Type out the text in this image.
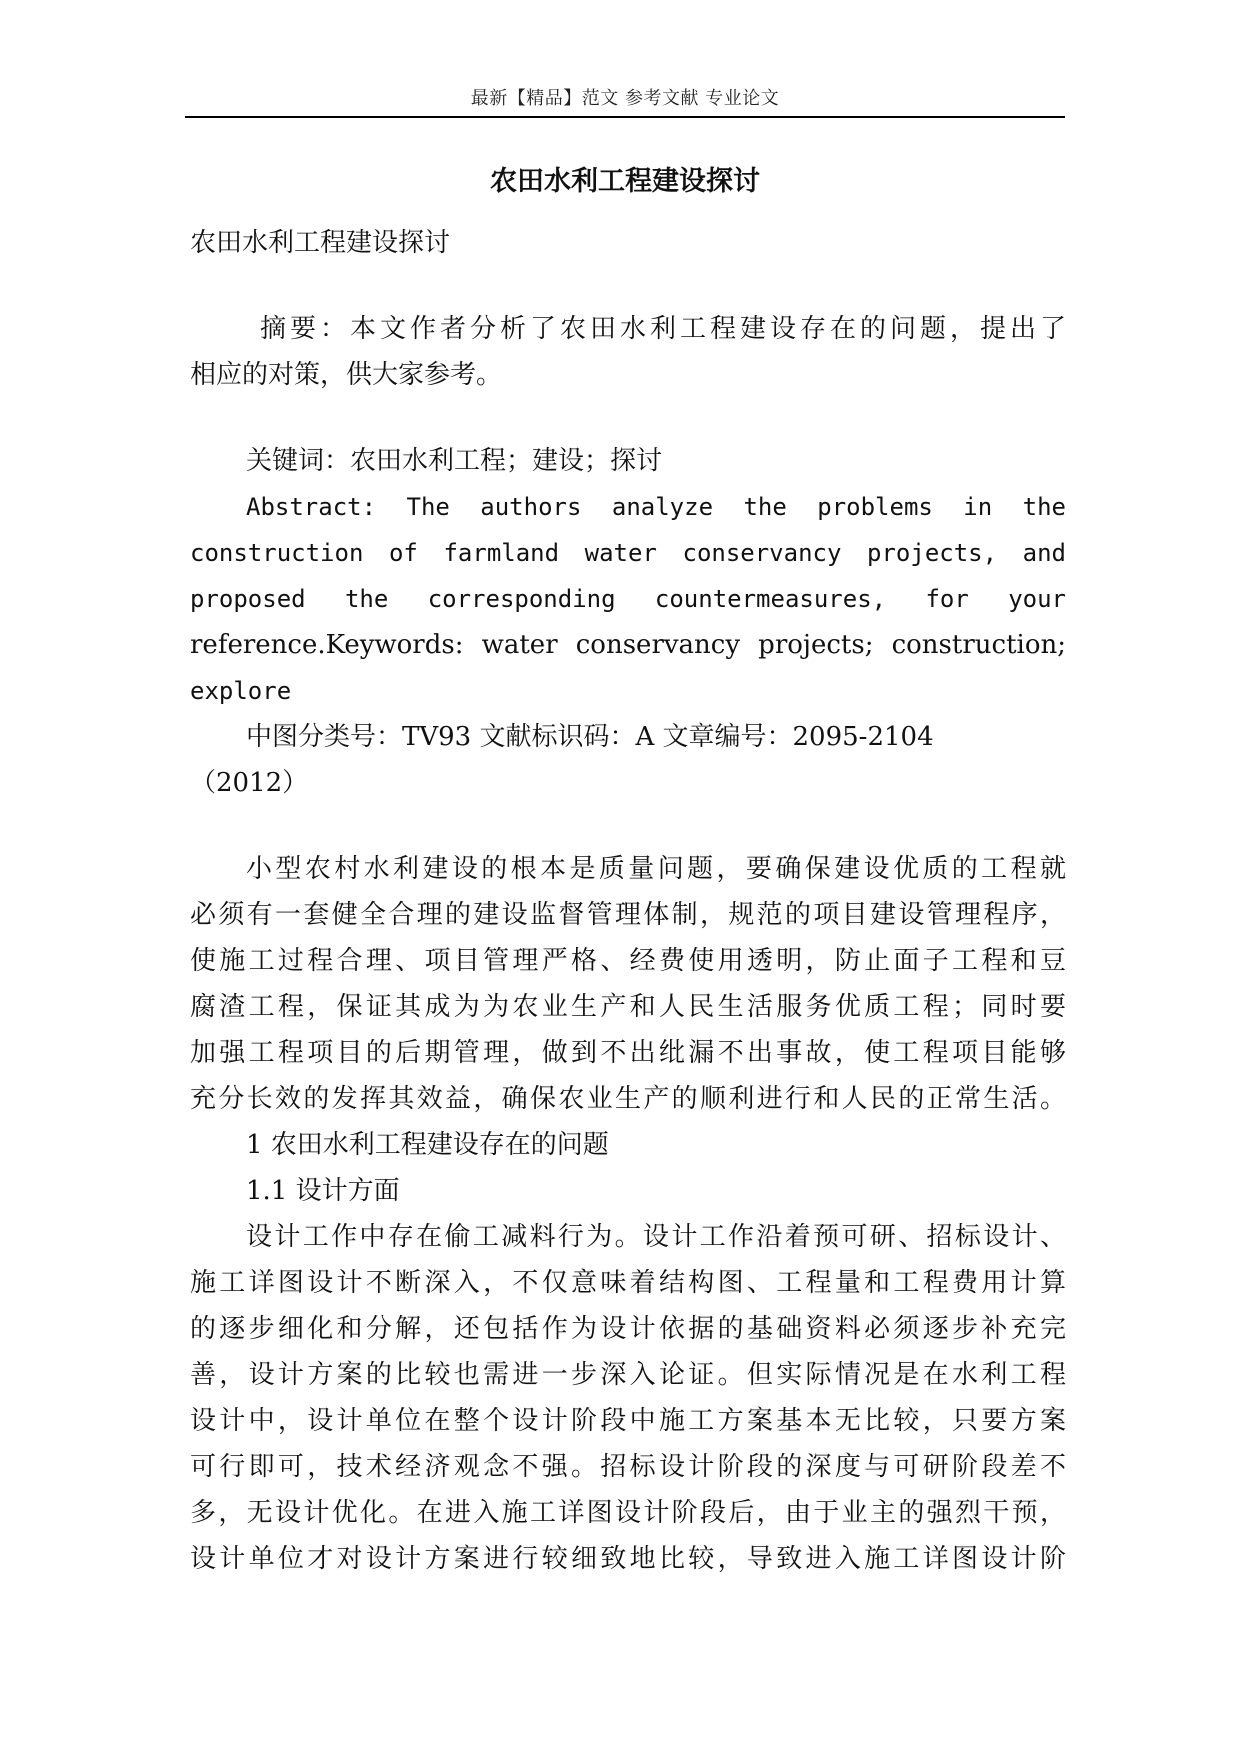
最新【精品】范文 参考文献 专业论文
农田水利工程建设探讨
农田水利工程建设探讨

摘要：本文作者分析了农田水利工程建设存在的问题，提出了
相应的对策，供大家参考。

关键词：农田水利工程；建设；探讨

Abstract: The authors analyze the problems in the
construction of farmland water conservancy projects, and
proposed the corresponding countermeasures, for your
reference.Keywords: water conservancy projects; construction;
explore

中图分类号：TV93 文献标识码：A 文章编号：2095-2104
（2012）

小型农村水利建设的根本是质量问题，要确保建设优质的工程就
必须有一套健全合理的建设监督管理体制，规范的项目建设管理程序，
使施工过程合理、项目管理严格、经费使用透明，防止面子工程和豆
腐渣工程，保证其成为为农业生产和人民生活服务优质工程；同时要
加强工程项目的后期管理，做到不出纰漏不出事故，使工程项目能够
充分长效的发挥其效益，确保农业生产的顺利进行和人民的正常生活。

1 农田水利工程建设存在的问题
1.1 设计方面

设计工作中存在偷工减料行为。设计工作沿着预可研、招标设计、
施工详图设计不断深入，不仅意味着结构图、工程量和工程费用计算
的逐步细化和分解，还包括作为设计依据的基础资料必须逐步补充完
善，设计方案的比较也需进一步深入论证。但实际情况是在水利工程
设计中，设计单位在整个设计阶段中施工方案基本无比较，只要方案
可行即可，技术经济观念不强。招标设计阶段的深度与可研阶段差不
多，无设计优化。在进入施工详图设计阶段后，由于业主的强烈干预，
设计单位才对设计方案进行较细致地比较，导致进入施工详图设计阶
